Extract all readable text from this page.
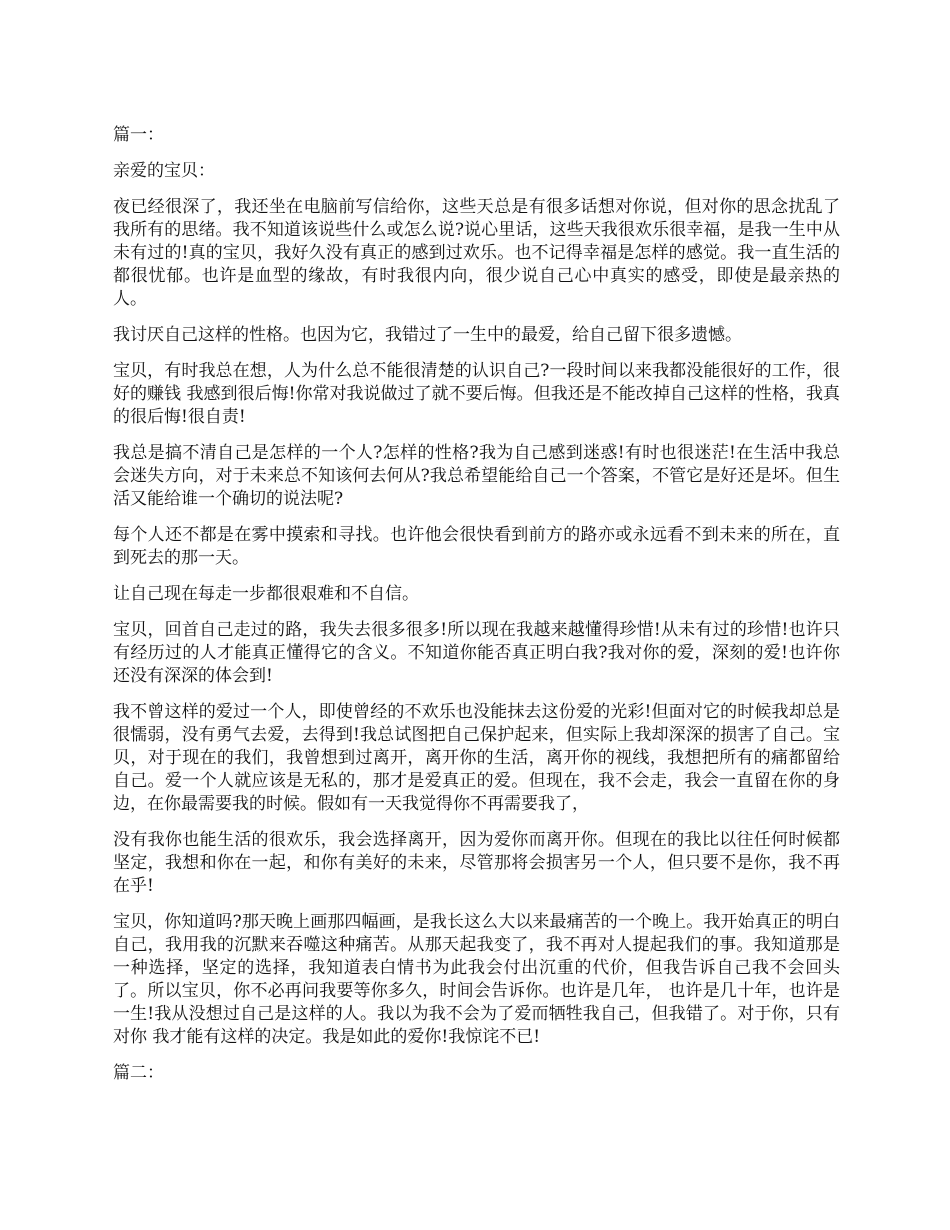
篇一：

亲爱的宝贝：

夜已经很深了，我还坐在电脑前写信给你，这些天总是有很多话想对你说，但对你的思念扰乱了我所有的思绪。我不知道该说些什么或怎么说?说心里话，这些天我很欢乐很幸福，是我一生中从未有过的!真的宝贝，我好久没有真正的感到过欢乐。也不记得幸福是怎样的感觉。我一直生活的都很忧郁。也许是血型的缘故，有时我很内向，很少说自己心中真实的感受，即使是最亲热的人。

我讨厌自己这样的性格。也因为它，我错过了一生中的最爱，给自己留下很多遗憾。

宝贝，有时我总在想，人为什么总不能很清楚的认识自己?一段时间以来我都没能很好的工作，很好的赚钱 我感到很后悔!你常对我说做过了就不要后悔。但我还是不能改掉自己这样的性格，我真的很后悔!很自责!

我总是搞不清自己是怎样的一个人?怎样的性格?我为自己感到迷惑!有时也很迷茫!在生活中我总会迷失方向，对于未来总不知该何去何从?我总希望能给自己一个答案，不管它是好还是坏。但生活又能给谁一个确切的说法呢?

每个人还不都是在雾中摸索和寻找。也许他会很快看到前方的路亦或永远看不到未来的所在，直到死去的那一天。

让自己现在每走一步都很艰难和不自信。

宝贝，回首自己走过的路，我失去很多很多!所以现在我越来越懂得珍惜!从未有过的珍惜!也许只有经历过的人才能真正懂得它的含义。不知道你能否真正明白我?我对你的爱，深刻的爱!也许你还没有深深的体会到!

我不曾这样的爱过一个人，即使曾经的不欢乐也没能抹去这份爱的光彩!但面对它的时候我却总是很懦弱，没有勇气去爱，去得到!我总试图把自己保护起来，但实际上我却深深的损害了自己。宝贝，对于现在的我们，我曾想到过离开，离开你的生活，离开你的视线，我想把所有的痛都留给自己。爱一个人就应该是无私的，那才是爱真正的爱。但现在，我不会走，我会一直留在你的身边，在你最需要我的时候。假如有一天我觉得你不再需要我了，

没有我你也能生活的很欢乐，我会选择离开，因为爱你而离开你。但现在的我比以往任何时候都坚定，我想和你在一起，和你有美好的未来，尽管那将会损害另一个人，但只要不是你，我不再在乎!

宝贝，你知道吗?那天晚上画那四幅画，是我长这么大以来最痛苦的一个晚上。我开始真正的明白自己，我用我的沉默来吞噬这种痛苦。从那天起我变了，我不再对人提起我们的事。我知道那是一种选择，坚定的选择，我知道表白情书为此我会付出沉重的代价，但我告诉自己我不会回头了。所以宝贝，你不必再问我要等你多久，时间会告诉你。也许是几年， 也许是几十年，也许是一生!我从没想过自己是这样的人。我以为我不会为了爱而牺牲我自己，但我错了。对于你，只有对你 我才能有这样的决定。我是如此的爱你!我惊诧不已!

篇二：
